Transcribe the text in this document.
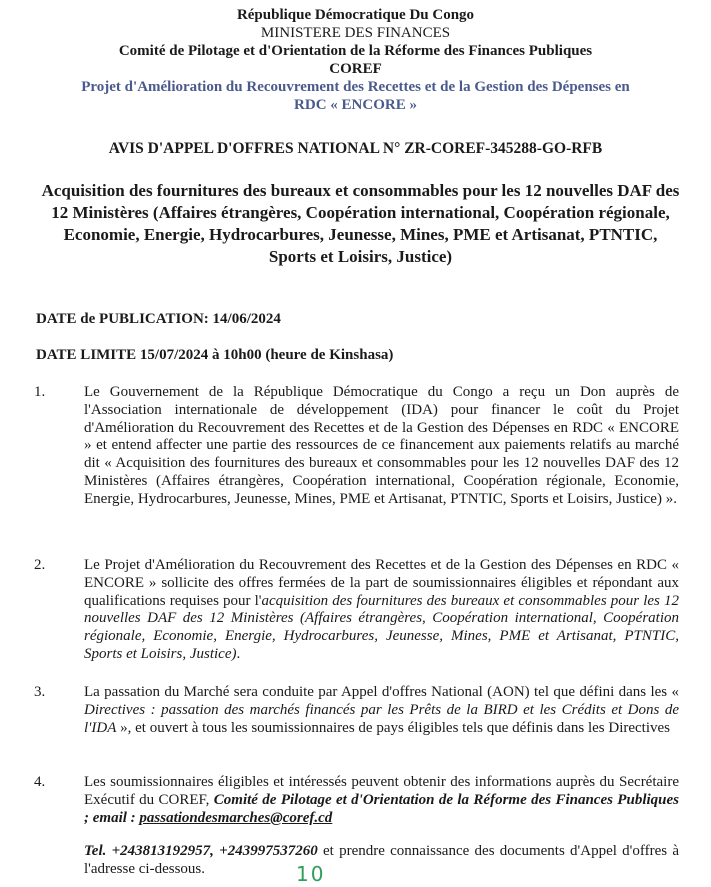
République Démocratique Du Congo
MINISTERE DES FINANCES
Comité de Pilotage et d'Orientation de la Réforme des Finances Publiques
COREF
Projet d'Amélioration du Recouvrement des Recettes et de la Gestion des Dépenses en
RDC « ENCORE »
AVIS D'APPEL D'OFFRES NATIONAL N° ZR-COREF-345288-GO-RFB
Acquisition des fournitures des bureaux et consommables pour les 12 nouvelles DAF des 12 Ministères (Affaires étrangères, Coopération international, Coopération régionale, Economie, Energie, Hydrocarbures, Jeunesse, Mines, PME et Artisanat, PTNTIC, Sports et Loisirs, Justice)
DATE de PUBLICATION: 14/06/2024
DATE LIMITE 15/07/2024 à 10h00 (heure de Kinshasa)
1.	Le Gouvernement de la République Démocratique du Congo a reçu un Don auprès de l'Association internationale de développement (IDA) pour financer le coût du Projet d'Amélioration du Recouvrement des Recettes et de la Gestion des Dépenses en RDC « ENCORE » et entend affecter une partie des ressources de ce financement aux paiements relatifs au marché dit « Acquisition des fournitures des bureaux et consommables pour les 12 nouvelles DAF des 12 Ministères (Affaires étrangères, Coopération international, Coopération régionale, Economie, Energie, Hydrocarbures, Jeunesse, Mines, PME et Artisanat, PTNTIC, Sports et Loisirs, Justice) ».
2.	Le Projet d'Amélioration du Recouvrement des Recettes et de la Gestion des Dépenses en RDC « ENCORE » sollicite des offres fermées de la part de soumissionnaires éligibles et répondant aux qualifications requises pour l'acquisition des fournitures des bureaux et consommables pour les 12 nouvelles DAF des 12 Ministères (Affaires étrangères, Coopération international, Coopération régionale, Economie, Energie, Hydrocarbures, Jeunesse, Mines, PME et Artisanat, PTNTIC, Sports et Loisirs, Justice).
3.	La passation du Marché sera conduite par Appel d'offres National (AON) tel que défini dans les « Directives : passation des marchés financés par les Prêts de la BIRD et les Crédits et Dons de l'IDA », et ouvert à tous les soumissionnaires de pays éligibles tels que définis dans les Directives
4.	Les soumissionnaires éligibles et intéressés peuvent obtenir des informations auprès du Secrétaire Exécutif du COREF, Comité de Pilotage et d'Orientation de la Réforme des Finances Publiques ; email : passationdesmarches@coref.cd
Tel. +243813192957, +243997537260 et prendre connaissance des documents d'Appel d'offres à l'adresse ci-dessous.	10
